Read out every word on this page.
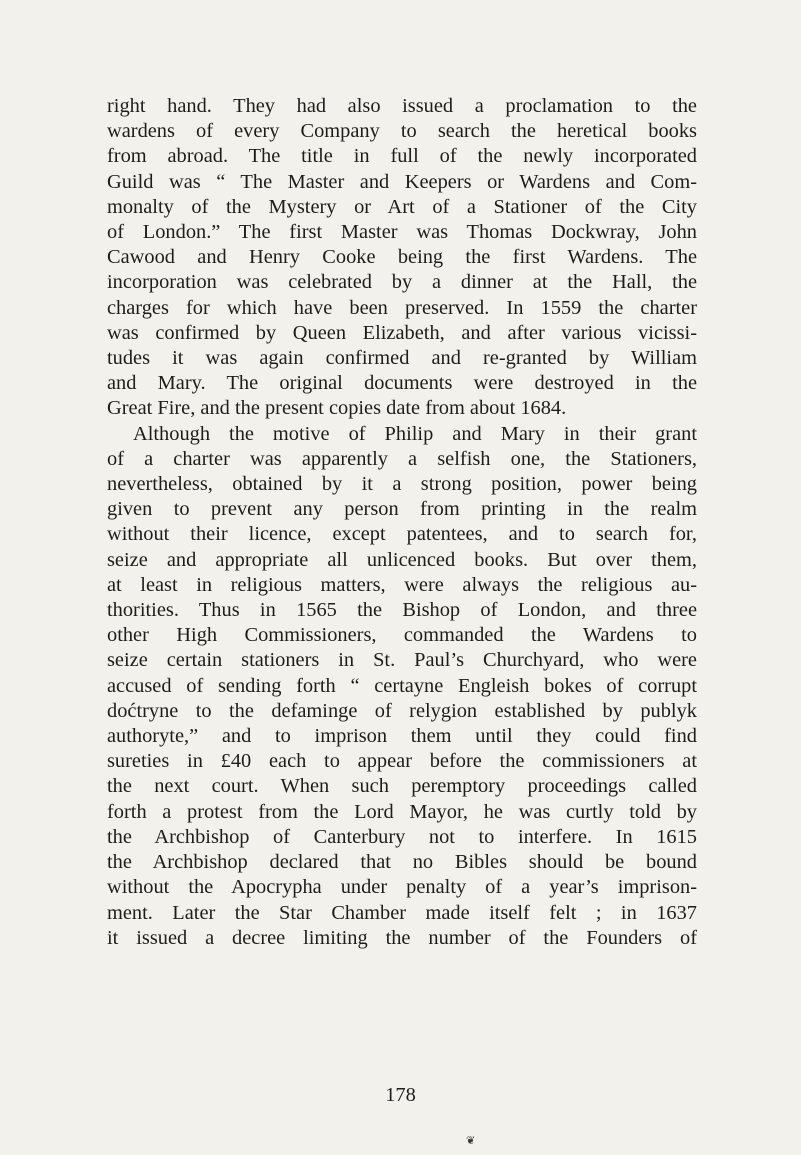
right hand. They had also issued a proclamation to the
wardens of every Company to search the heretical books
from abroad. The title in full of the newly incorporated
Guild was “ The Master and Keepers or Wardens and Com-
monalty of the Mystery or Art of a Stationer of the City
of London.” The first Master was Thomas Dockwray, John
Cawood and Henry Cooke being the first Wardens. The
incorporation was celebrated by a dinner at the Hall, the
charges for which have been preserved. In 1559 the charter
was confirmed by Queen Elizabeth, and after various vicissi-
tudes it was again confirmed and re-granted by William
and Mary. The original documents were destroyed in the
Great Fire, and the present copies date from about 1684.
Although the motive of Philip and Mary in their grant
of a charter was apparently a selfish one, the Stationers,
nevertheless, obtained by it a strong position, power being
given to prevent any person from printing in the realm
without their licence, except patentees, and to search for,
seize and appropriate all unlicenced books. But over them,
at least in religious matters, were always the religious au-
thorities. Thus in 1565 the Bishop of London, and three
other High Commissioners, commanded the Wardens to
seize certain stationers in St. Paul’s Churchyard, who were
accused of sending forth “ certayne Engleish bokes of corrupt
doćtryne to the defaminge of relygion established by publyk
authoryte,” and to imprison them until they could find
sureties in £40 each to appear before the commissioners at
the next court. When such peremptory proceedings called
forth a protest from the Lord Mayor, he was curtly told by
the Archbishop of Canterbury not to interfere. In 1615
the Archbishop declared that no Bibles should be bound
without the Apocrypha under penalty of a year’s imprison-
ment. Later the Star Chamber made itself felt ; in 1637
it issued a decree limiting the number of the Founders of
178
❦
